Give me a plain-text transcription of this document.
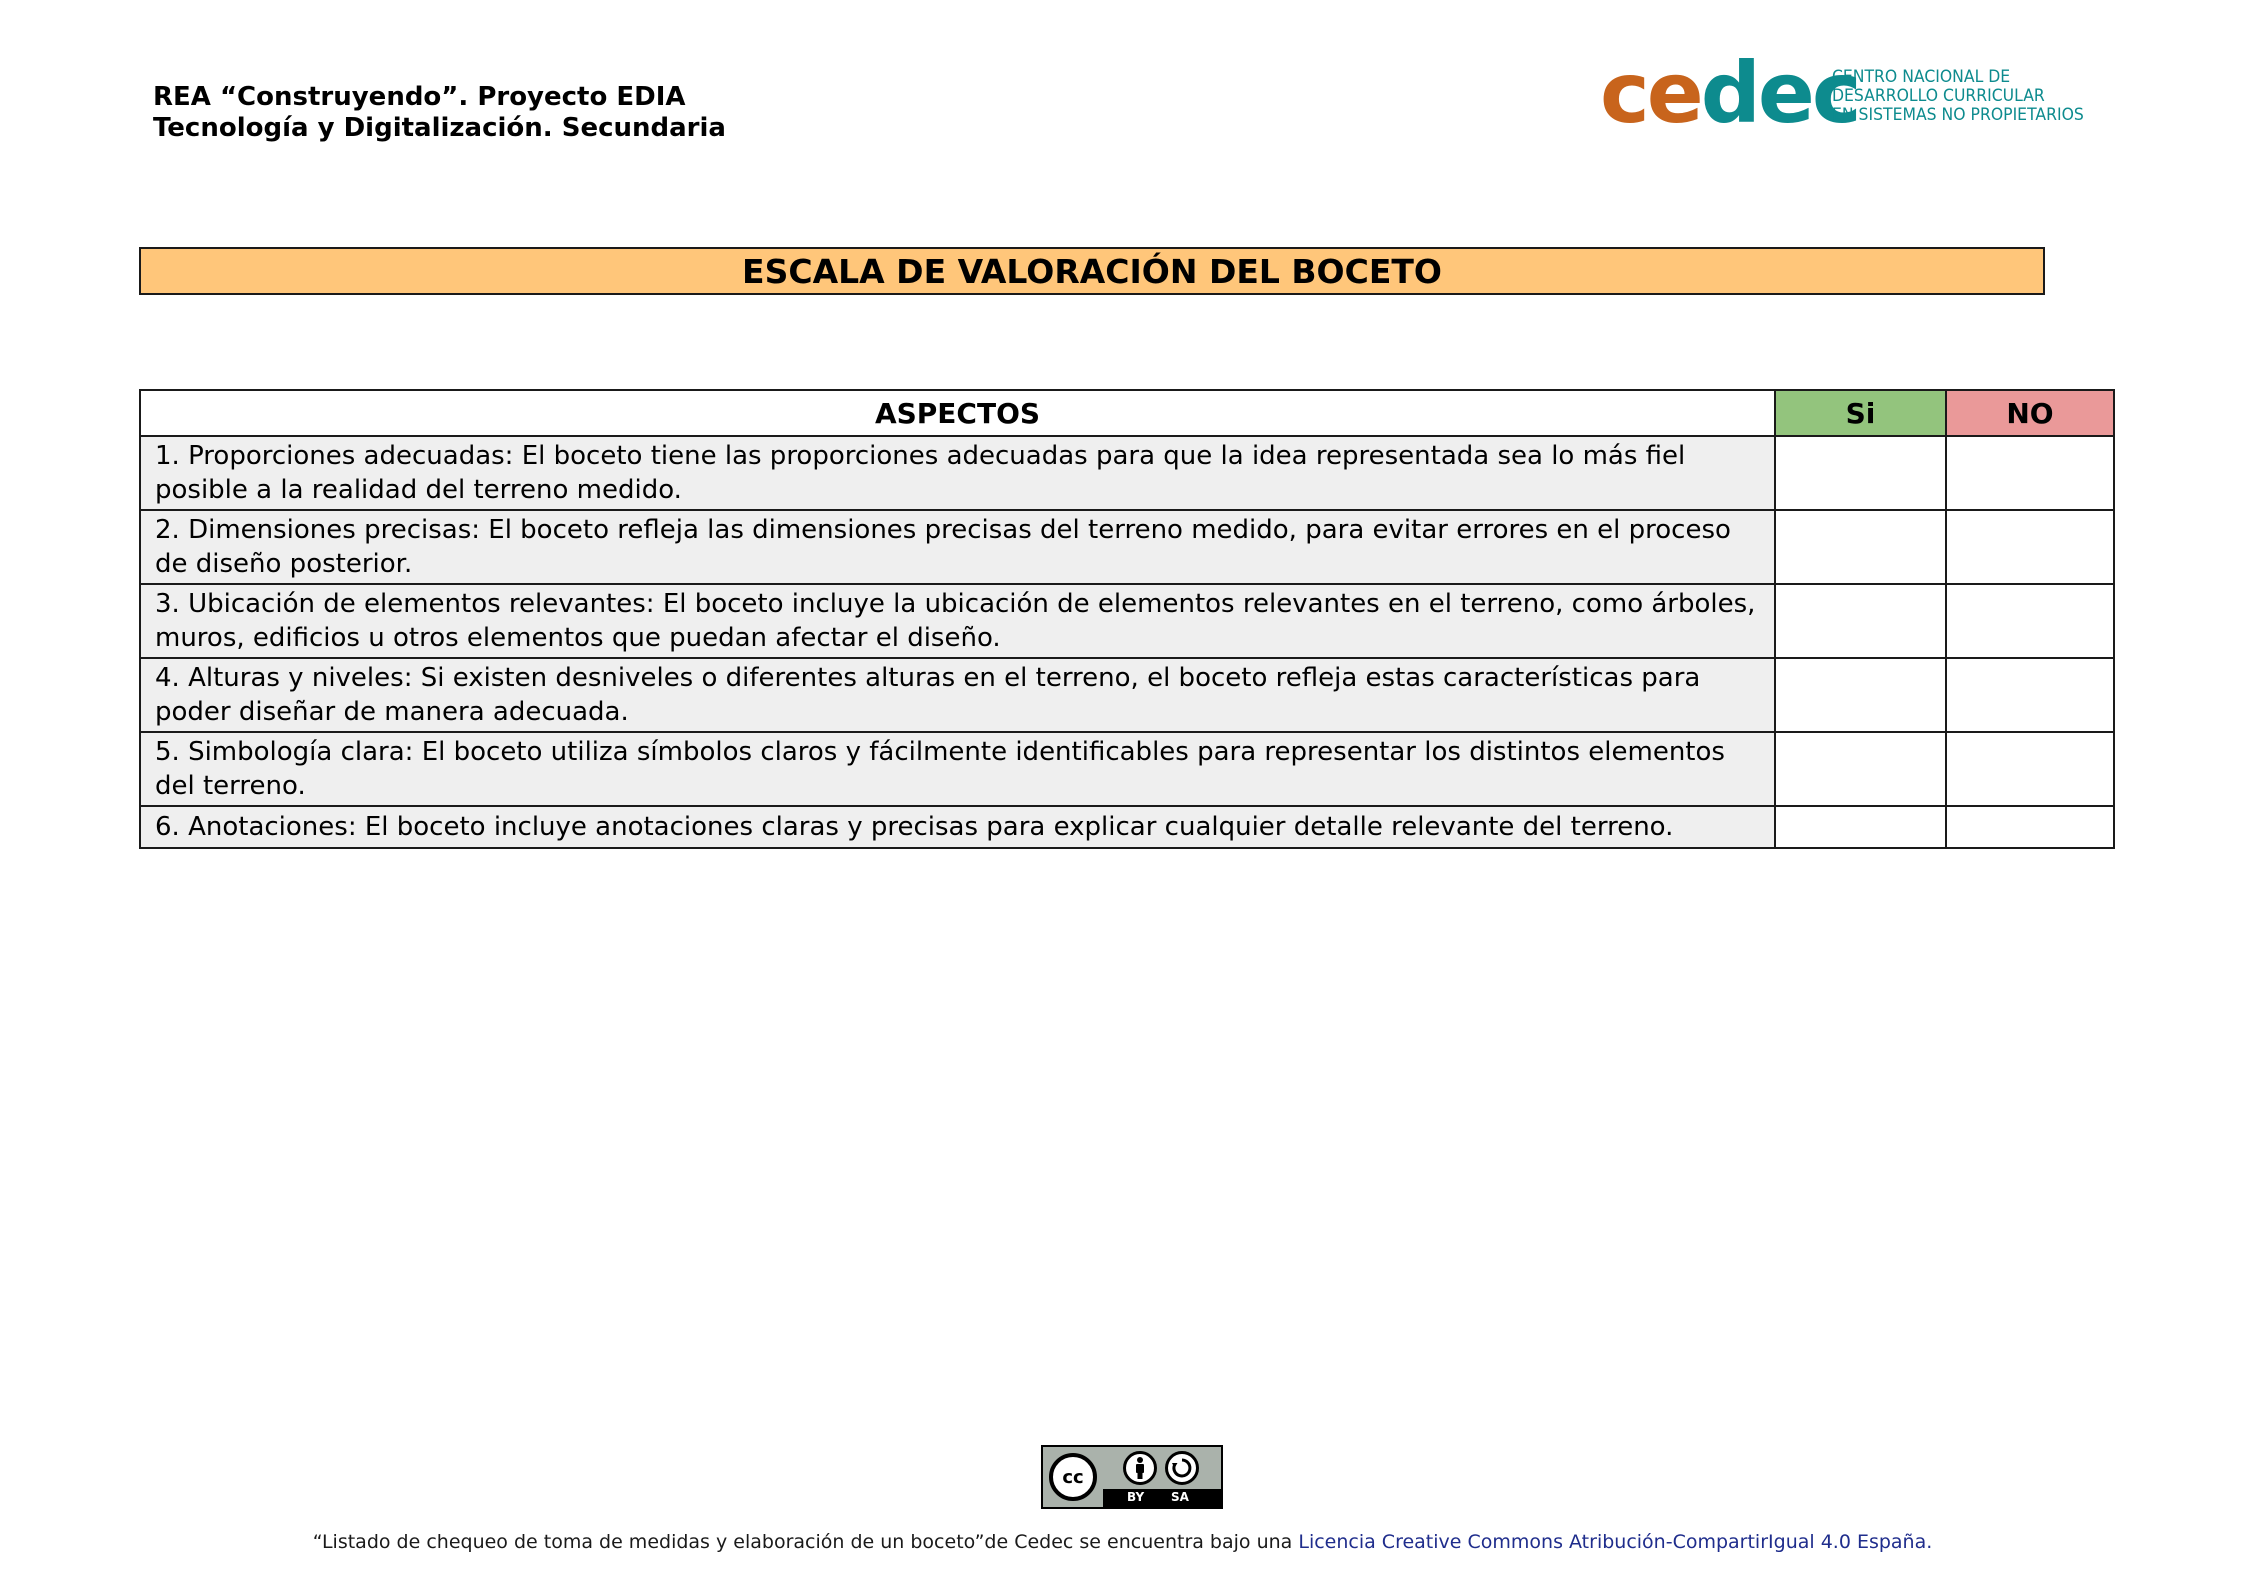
REA “Construyendo”. Proyecto EDIA
Tecnología y Digitalización. Secundaria	cedec
CENTRO NACIONAL DE
DESARROLLO CURRICULAR
EN SISTEMAS NO PROPIETARIOS
ESCALA DE VALORACIÓN DEL BOCETO
ASPECTOS	Si	NO
1. Proporciones adecuadas: El boceto tiene las proporciones adecuadas para que la idea representada sea lo más fiel posible a la realidad del terreno medido.		
2. Dimensiones precisas: El boceto refleja las dimensiones precisas del terreno medido, para evitar errores en el proceso de diseño posterior.		
3. Ubicación de elementos relevantes: El boceto incluye la ubicación de elementos relevantes en el terreno, como árboles, muros, edificios u otros elementos que puedan afectar el diseño.		
4. Alturas y niveles: Si existen desniveles o diferentes alturas en el terreno, el boceto refleja estas características para poder diseñar de manera adecuada.		
5. Simbología clara: El boceto utiliza símbolos claros y fácilmente identificables para representar los distintos elementos del terreno.		
6. Anotaciones: El boceto incluye anotaciones claras y precisas para explicar cualquier detalle relevante del terreno.		
cc
BY SA
“Listado de chequeo de toma de medidas y elaboración de un boceto”de Cedec se encuentra bajo una Licencia Creative Commons Atribución-CompartirIgual 4.0 España.
